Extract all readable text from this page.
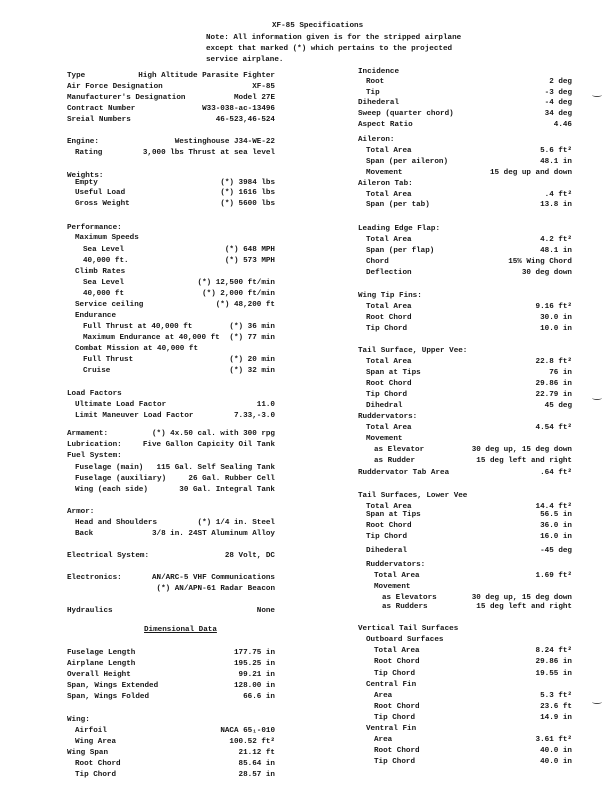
XF-85 Specifications
Note: All information given is for the stripped airplane
except that marked (*) which pertains to the projected
service airplane.
Dimensional Data
Type	High Altitude Parasite Fighter
Air Force Designation	XF-85
Manufacturer's Designation	Model 27E
Contract Number	W33-038-ac-13496
Sreial Numbers	46-523,46-524
Engine:	Westinghouse J34-WE-22
Rating	3,000 lbs Thrust at sea level
Weights:
Empty	(*) 3984 lbs
Useful Load	(*) 1616 lbs
Gross Weight	(*) 5600 lbs
Performance:
Maximum Speeds
Sea Level	(*) 648 MPH
40,000 ft.	(*) 573 MPH
Climb Rates
Sea Level	(*) 12,500 ft/min
40,000 ft	(*) 2,000 ft/min
Service ceiling	(*) 48,200 ft
Endurance
Full Thrust at 40,000 ft	(*) 36 min
Maximum Endurance at 40,000 ft (*) 77 min
Combat Mission at 40,000 ft
Full Thrust	(*) 20 min
Cruise	(*) 32 min
Load Factors
Ultimate Load Factor	11.0
Limit Maneuver Load Factor	7.33,-3.0
Armament:	(*) 4x.50 cal. with 300 rpg
Lubrication:	Five Gallon Capicity Oil Tank
Fuel System:
Fuselage (main) 115 Gal. Self Sealing Tank
Fuselage (auxiliary)	26 Gal. Rubber Cell
Wing (each side)	30 Gal. Integral Tank
Armor:
Head and Shoulders	(*) 1/4 in. Steel
Back	3/8 in. 24ST Aluminum Alloy
Electrical System:	28 Volt, DC
Electronics:	AN/ARC-5 VHF Communications
(*) AN/APN-61 Radar Beacon
Hydraulics	None
Fuselage Length	177.75 in
Airplane Length	195.25 in
Overall Height	99.21 in
Span, Wings Extended	128.00 in
Span, Wings Folded	66.6 in
Wing:
Airfoil	NACA 65₁-010
Wing Area	100.52 ft²
Wing Span	21.12 ft
Root Chord	85.64 in
Tip Chord	28.57 in
Incidence
Root	2 deg
Tip	-3 deg
Dihederal	-4 deg
Sweep (quarter chord)	34 deg
Aspect Ratio	4.46
Aileron:
Total Area	5.6 ft²
Span (per aileron)	48.1 in
Movement	15 deg up and down
Aileron Tab:
Total Area	.4 ft²
Span (per tab)	13.8 in
Leading Edge Flap:
Total Area	4.2 ft²
Span (per flap)	48.1 in
Chord	15% Wing Chord
Deflection	30 deg down
Wing Tip Fins:
Total Area	9.16 ft²
Root Chord	30.0 in
Tip Chord	10.0 in
Tail Surface, Upper Vee:
Total Area	22.8 ft²
Span at Tips	76 in
Root Chord	29.86 in
Tip Chord	22.79 in
Dihedral	45 deg
Ruddervators:
Total Area	4.54 ft²
Movement
as Elevator	30 deg up, 15 deg down
as Rudder	15 deg left and right
Ruddervator Tab Area	.64 ft²
Tail Surfaces, Lower Vee
Total Area	14.4 ft²
Span at Tips	56.5 in
Root Chord	36.0 in
Tip Chord	16.0 in
Dihederal	-45 deg
Ruddervators:
Total Area	1.69 ft²
Movement
as Elevators	30 deg up, 15 deg down
as Rudders	15 deg left and right
Vertical Tail Surfaces
Outboard Surfaces
Total Area	8.24 ft²
Root Chord	29.86 in
Tip Chord	19.55 in
Central Fin
Area	5.3 ft²
Root Chord	23.6 ft
Tip Chord	14.9 in
Ventral Fin
Area	3.61 ft²
Root Chord	40.0 in
Tip Chord	40.0 in
